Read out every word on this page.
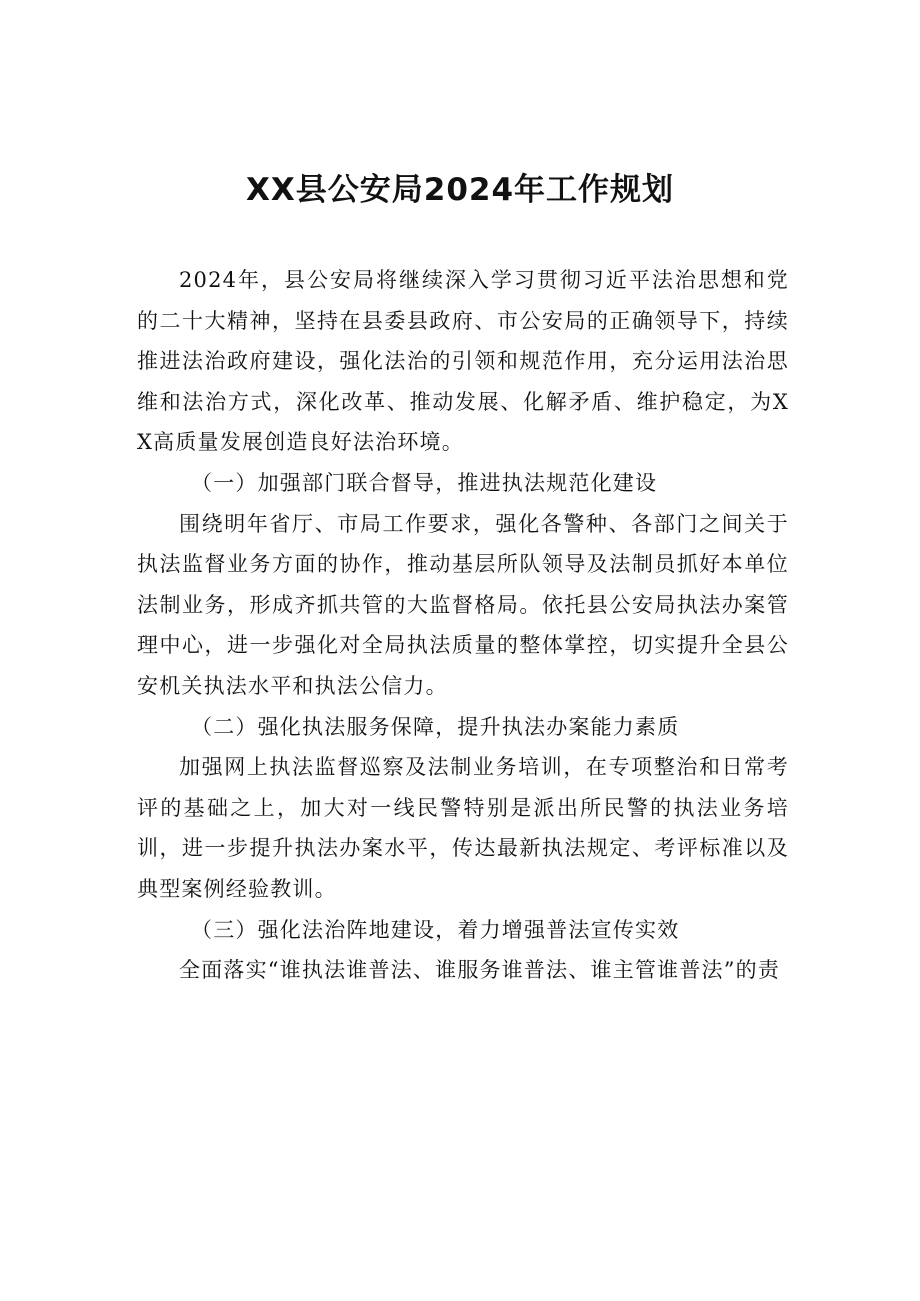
XX县公安局2024年工作规划

2024年，县公安局将继续深入学习贯彻习近平法治思想和党的二十大精神，坚持在县委县政府、市公安局的正确领导下，持续推进法治政府建设，强化法治的引领和规范作用，充分运用法治思维和法治方式，深化改革、推动发展、化解矛盾、维护稳定，为XX高质量发展创造良好法治环境。

（一）加强部门联合督导，推进执法规范化建设

围绕明年省厅、市局工作要求，强化各警种、各部门之间关于执法监督业务方面的协作，推动基层所队领导及法制员抓好本单位法制业务，形成齐抓共管的大监督格局。依托县公安局执法办案管理中心，进一步强化对全局执法质量的整体掌控，切实提升全县公安机关执法水平和执法公信力。

（二）强化执法服务保障，提升执法办案能力素质

加强网上执法监督巡察及法制业务培训，在专项整治和日常考评的基础之上，加大对一线民警特别是派出所民警的执法业务培训，进一步提升执法办案水平，传达最新执法规定、考评标准以及典型案例经验教训。

（三）强化法治阵地建设，着力增强普法宣传实效

全面落实“谁执法谁普法、谁服务谁普法、谁主管谁普法”的责
